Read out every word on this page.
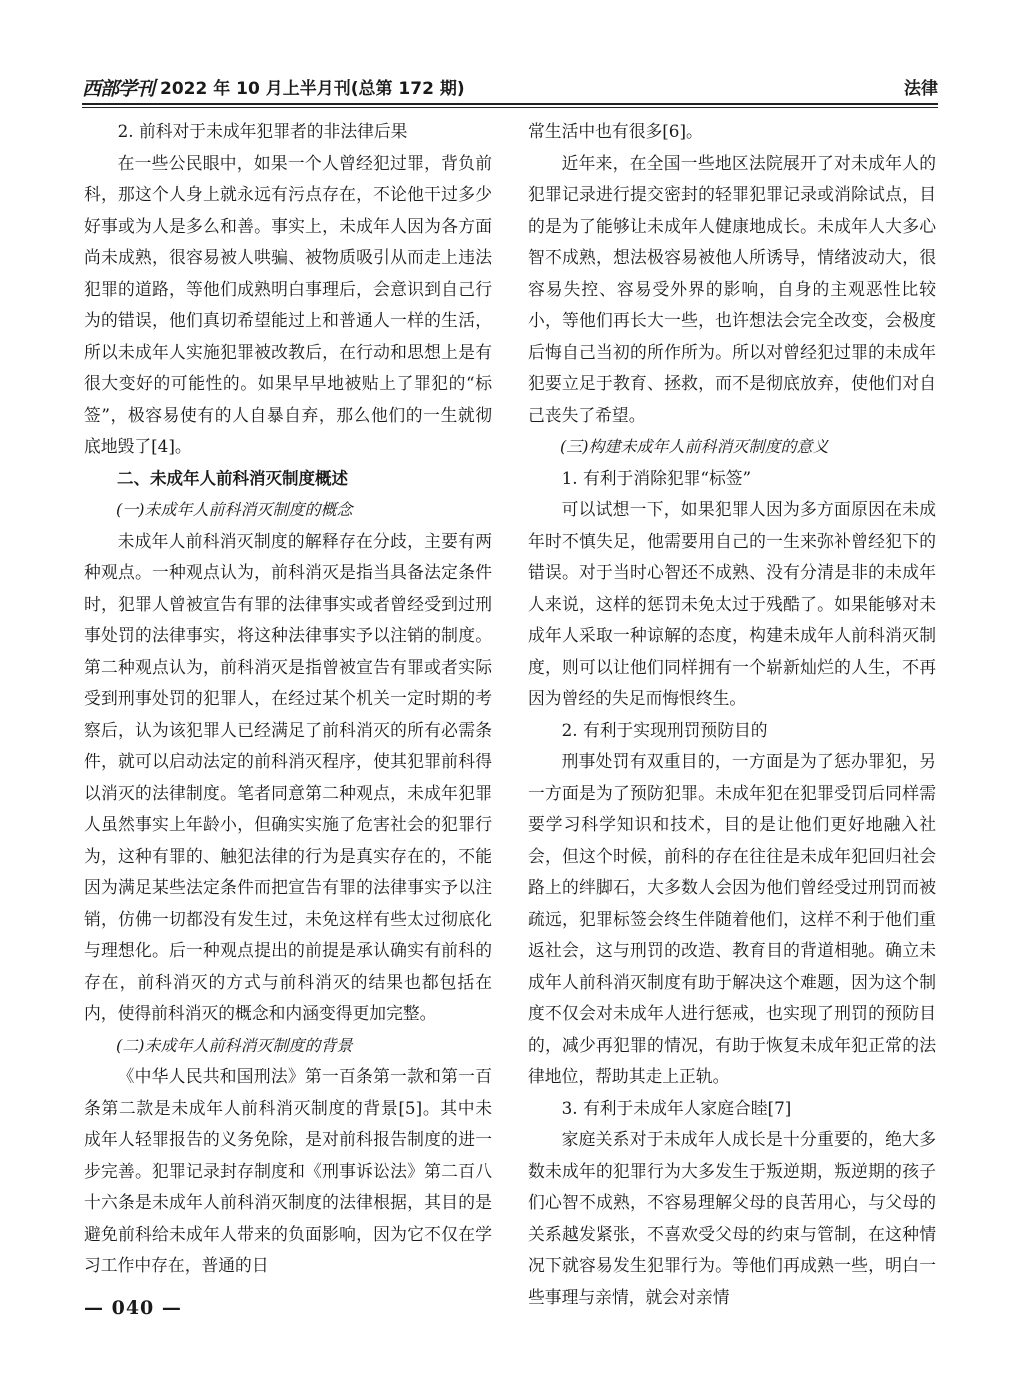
西部学刊 2022 年 10 月上半月刊(总第 172 期)	法律

2. 前科对于未成年犯罪者的非法律后果

在一些公民眼中，如果一个人曾经犯过罪，背负前科，那这个人身上就永远有污点存在，不论他干过多少好事或为人是多么和善。事实上，未成年人因为各方面尚未成熟，很容易被人哄骗、被物质吸引从而走上违法犯罪的道路，等他们成熟明白事理后，会意识到自己行为的错误，他们真切希望能过上和普通人一样的生活，所以未成年人实施犯罪被改教后，在行动和思想上是有很大变好的可能性的。如果早早地被贴上了罪犯的“标签”，极容易使有的人自暴自弃，那么他们的一生就彻底地毁了[4]。

二、未成年人前科消灭制度概述

(一)未成年人前科消灭制度的概念

未成年人前科消灭制度的解释存在分歧，主要有两种观点。一种观点认为，前科消灭是指当具备法定条件时，犯罪人曾被宣告有罪的法律事实或者曾经受到过刑事处罚的法律事实，将这种法律事实予以注销的制度。第二种观点认为，前科消灭是指曾被宣告有罪或者实际受到刑事处罚的犯罪人，在经过某个机关一定时期的考察后，认为该犯罪人已经满足了前科消灭的所有必需条件，就可以启动法定的前科消灭程序，使其犯罪前科得以消灭的法律制度。笔者同意第二种观点，未成年犯罪人虽然事实上年龄小，但确实实施了危害社会的犯罪行为，这种有罪的、触犯法律的行为是真实存在的，不能因为满足某些法定条件而把宣告有罪的法律事实予以注销，仿佛一切都没有发生过，未免这样有些太过彻底化与理想化。后一种观点提出的前提是承认确实有前科的存在，前科消灭的方式与前科消灭的结果也都包括在内，使得前科消灭的概念和内涵变得更加完整。

(二)未成年人前科消灭制度的背景

《中华人民共和国刑法》第一百条第一款和第一百条第二款是未成年人前科消灭制度的背景[5]。其中未成年人轻罪报告的义务免除，是对前科报告制度的进一步完善。犯罪记录封存制度和《刑事诉讼法》第二百八十六条是未成年人前科消灭制度的法律根据，其目的是避免前科给未成年人带来的负面影响，因为它不仅在学习工作中存在，普通的日

常生活中也有很多[6]。

近年来，在全国一些地区法院展开了对未成年人的犯罪记录进行提交密封的轻罪犯罪记录或消除试点，目的是为了能够让未成年人健康地成长。未成年人大多心智不成熟，想法极容易被他人所诱导，情绪波动大，很容易失控、容易受外界的影响，自身的主观恶性比较小，等他们再长大一些，也许想法会完全改变，会极度后悔自己当初的所作所为。所以对曾经犯过罪的未成年犯要立足于教育、拯救，而不是彻底放弃，使他们对自己丧失了希望。

(三)构建未成年人前科消灭制度的意义

1. 有利于消除犯罪“标签”

可以试想一下，如果犯罪人因为多方面原因在未成年时不慎失足，他需要用自己的一生来弥补曾经犯下的错误。对于当时心智还不成熟、没有分清是非的未成年人来说，这样的惩罚未免太过于残酷了。如果能够对未成年人采取一种谅解的态度，构建未成年人前科消灭制度，则可以让他们同样拥有一个崭新灿烂的人生，不再因为曾经的失足而悔恨终生。

2. 有利于实现刑罚预防目的

刑事处罚有双重目的，一方面是为了惩办罪犯，另一方面是为了预防犯罪。未成年犯在犯罪受罚后同样需要学习科学知识和技术，目的是让他们更好地融入社会，但这个时候，前科的存在往往是未成年犯回归社会路上的绊脚石，大多数人会因为他们曾经受过刑罚而被疏远，犯罪标签会终生伴随着他们，这样不利于他们重返社会，这与刑罚的改造、教育目的背道相驰。确立未成年人前科消灭制度有助于解决这个难题，因为这个制度不仅会对未成年人进行惩戒，也实现了刑罚的预防目的，减少再犯罪的情况，有助于恢复未成年犯正常的法律地位，帮助其走上正轨。

3. 有利于未成年人家庭合睦[7]

家庭关系对于未成年人成长是十分重要的，绝大多数未成年的犯罪行为大多发生于叛逆期，叛逆期的孩子们心智不成熟，不容易理解父母的良苦用心，与父母的关系越发紧张，不喜欢受父母的约束与管制，在这种情况下就容易发生犯罪行为。等他们再成熟一些，明白一些事理与亲情，就会对亲情

— 040 —
